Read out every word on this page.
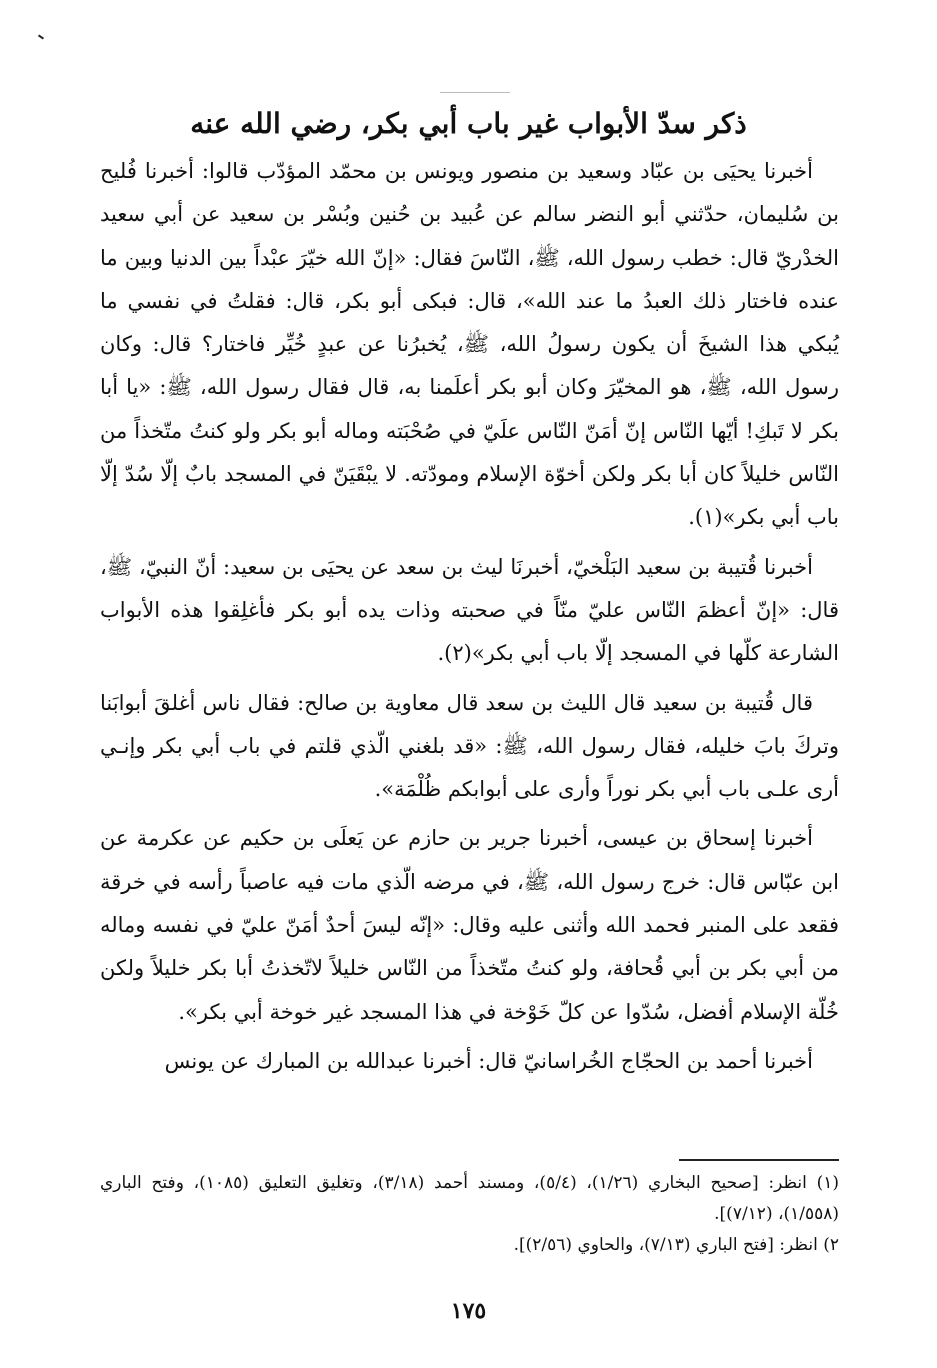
ذكر سدّ الأبواب غير باب أبي بكر، رضي الله عنه

أخبرنا يحيَى بن عبّاد وسعيد بن منصور ويونس بن محمّد المؤدّب قالوا: أخبرنا فُليح بن سُليمان، حدّثني أبو النضر سالم عن عُبيد بن حُنين وبُسْر بن سعيد عن أبي سعيد الخدْريّ قال: خطب رسول الله، ﷺ، النّاسَ فقال: «إنّ الله خيّرَ عبْداً بين الدنيا وبين ما عنده فاختار ذلك العبدُ ما عند الله»، قال: فبكى أبو بكر، قال: فقلتُ في نفسي ما يُبكي هذا الشيخَ أن يكون رسولُ الله، ﷺ، يُخبرُنا عن عبدٍ خُيِّر فاختار؟ قال: وكان رسول الله، ﷺ، هو المخيّرَ وكان أبو بكر أعلَمنا به، قال فقال رسول الله، ﷺ: «يا أبا بكر لا تَبكِ! أيّها النّاس إنّ أمَنّ النّاس علَيّ في صُحْبَته وماله أبو بكر ولو كنتُ متّخذاً من النّاس خليلاً كان أبا بكر ولكن أخوّة الإسلام ومودّته. لا يبْقَيَنّ في المسجد بابٌ إلّا سُدّ إلّا باب أبي بكر»(١).

أخبرنا قُتيبة بن سعيد البَلْخيّ، أخبرنَا ليث بن سعد عن يحيَى بن سعيد: أنّ النبيّ، ﷺ، قال: «إنّ أعظمَ النّاس عليّ منّاً في صحبته وذات يده أبو بكر فأغلِقوا هذه الأبواب الشارعة كلّها في المسجد إلّا باب أبي بكر»(٢).

قال قُتيبة بن سعيد قال الليث بن سعد قال معاوية بن صالح: فقال ناس أغلقَ أبوابَنا وتركَ بابَ خليله، فقال رسول الله، ﷺ: «قد بلغني الّذي قلتم في باب أبي بكر وإنـي أرى علـى باب أبي بكر نوراً وأرى على أبوابكم ظُلْمَة».

أخبرنا إسحاق بن عيسى، أخبرنا جرير بن حازم عن يَعلَى بن حكيم عن عكرمة عن ابن عبّاس قال: خرج رسول الله، ﷺ، في مرضه الّذي مات فيه عاصباً رأسه في خرقة فقعد على المنبر فحمد الله وأثنى عليه وقال: «إنّه ليسَ أحدٌ أمَنّ عليّ في نفسه وماله من أبي بكر بن أبي قُحافة، ولو كنتُ متّخذاً من النّاس خليلاً لاتّخذتُ أبا بكر خليلاً ولكن خُلّة الإسلام أفضل، سُدّوا عن كلّ خَوْخة في هذا المسجد غير خوخة أبي بكر».

أخبرنا أحمد بن الحجّاج الخُراسانيّ قال: أخبرنا عبدالله بن المبارك عن يونس

(١) انظر: [صحيح البخاري (١/٢٦)، (٥/٤)، ومسند أحمد (٣/١٨)، وتغليق التعليق (١٠٨٥)، وفتح الباري (١/٥٥٨)، (٧/١٢)].

٢) انظر: [فتح الباري (٧/١٣)، والحاوي (٢/٥٦)].

١٧٥
